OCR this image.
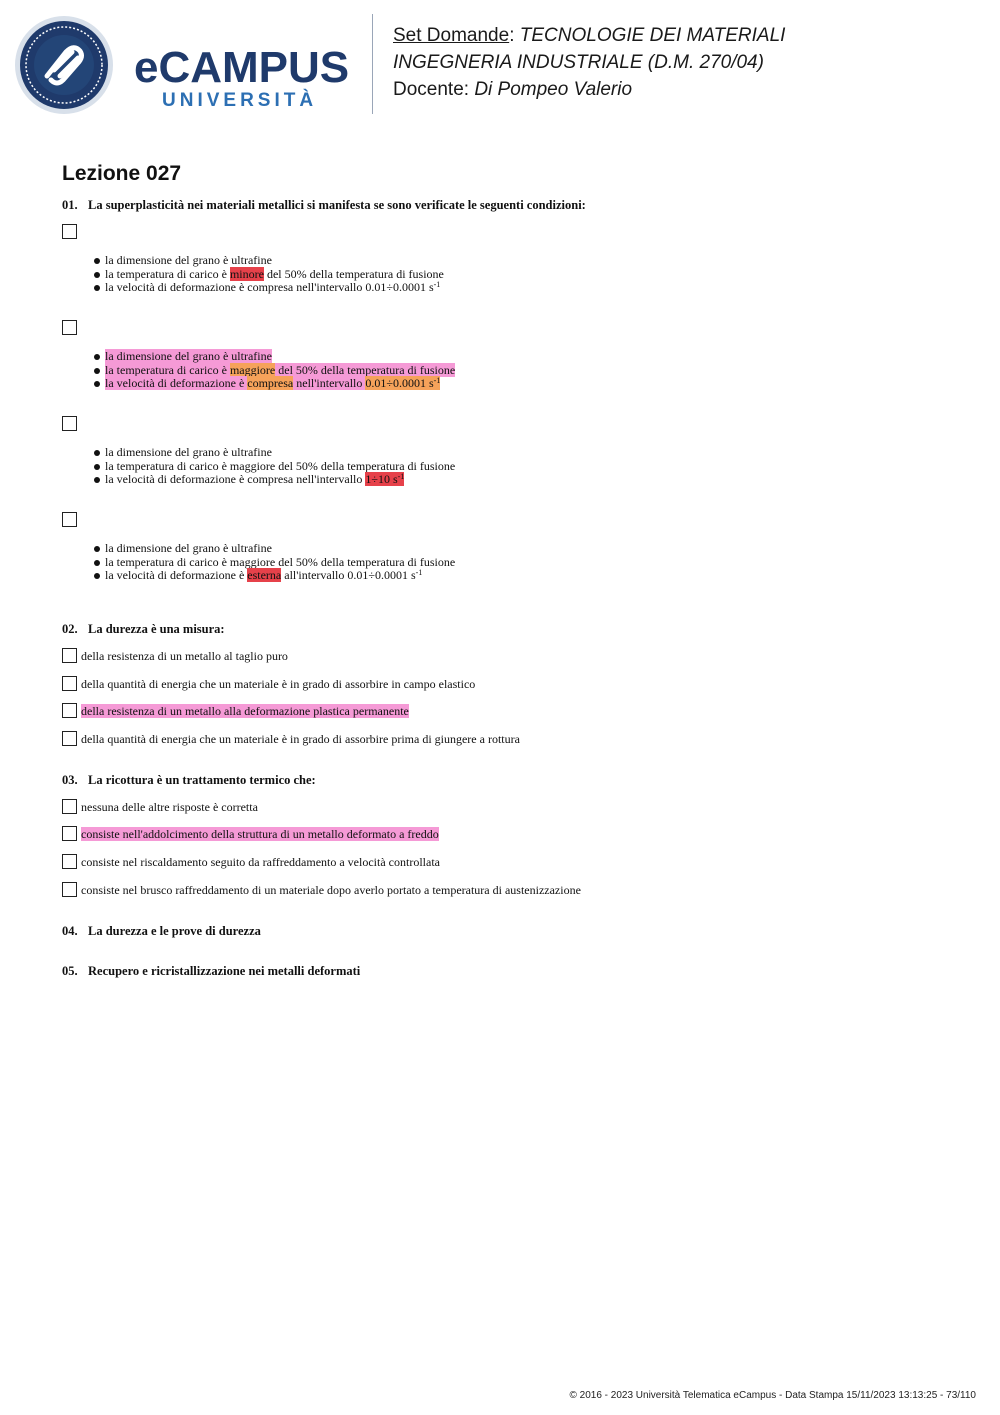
eCAMPUS
UNIVERSITÀ
Set Domande: TECNOLOGIE DEI MATERIALI
INGEGNERIA INDUSTRIALE (D.M. 270/04)
Docente: Di Pompeo Valerio
Lezione 027
01. La superplasticità nei materiali metallici si manifesta se sono verificate le seguenti condizioni:
la dimensione del grano è ultrafine
la temperatura di carico è minore del 50% della temperatura di fusione
la velocità di deformazione è compresa nell'intervallo 0.01÷0.0001 $s^{-1}$
la dimensione del grano è ultrafine
la temperatura di carico è maggiore del 50% della temperatura di fusione
la velocità di deformazione è compresa nell'intervallo 0.01÷0.0001 $s^{-1}$
la dimensione del grano è ultrafine
la temperatura di carico è maggiore del 50% della temperatura di fusione
la velocità di deformazione è compresa nell'intervallo 1÷10 $s^{-1}$
la dimensione del grano è ultrafine
la temperatura di carico è maggiore del 50% della temperatura di fusione
la velocità di deformazione è esterna all'intervallo 0.01÷0.0001 $s^{-1}$
02. La durezza è una misura:
della resistenza di un metallo al taglio puro
della quantità di energia che un materiale è in grado di assorbire in campo elastico
della resistenza di un metallo alla deformazione plastica permanente
della quantità di energia che un materiale è in grado di assorbire prima di giungere a rottura
03. La ricottura è un trattamento termico che:
nessuna delle altre risposte è corretta
consiste nell'addolcimento della struttura di un metallo deformato a freddo
consiste nel riscaldamento seguito da raffreddamento a velocità controllata
consiste nel brusco raffreddamento di un materiale dopo averlo portato a temperatura di austenizzazione
04. La durezza e le prove di durezza
05. Recupero e ricristallizzazione nei metalli deformati
© 2016 - 2023 Università Telematica eCampus - Data Stampa 15/11/2023 13:13:25 - 73/110
